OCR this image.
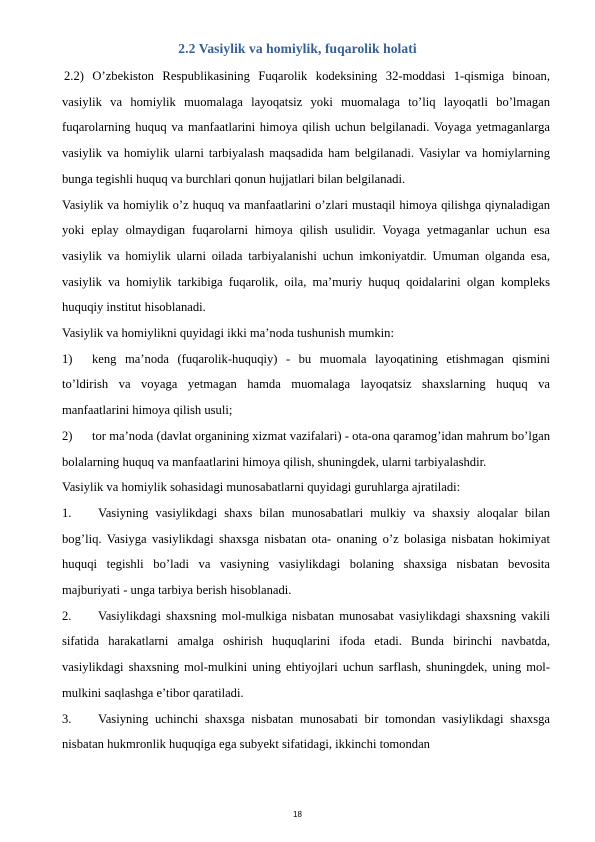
2.2 Vasiylik va homiylik, fuqarolik holati

2.2) O’zbekiston Respublikasining Fuqarolik kodeksining 32-moddasi 1-qismiga binoan, vasiylik va homiylik muomalaga layoqatsiz yoki muomalaga to’liq layoqatli bo’lmagan fuqarolarning huquq va manfaatlarini himoya qilish uchun belgilanadi. Voyaga yetmaganlarga vasiylik va homiylik ularni tarbiyalash maqsadida ham belgilanadi. Vasiylar va homiylarning bunga tegishli huquq va burchlari qonun hujjatlari bilan belgilanadi.

Vasiylik va homiylik o’z huquq va manfaatlarini o’zlari mustaqil himoya qilishga qiynaladigan yoki eplay olmaydigan fuqarolarni himoya qilish usulidir. Voyaga yetmaganlar uchun esa vasiylik va homiylik ularni oilada tarbiyalanishi uchun imkoniyatdir. Umuman olganda esa, vasiylik va homiylik tarkibiga fuqarolik, oila, ma’muriy huquq qoidalarini olgan kompleks huquqiy institut hisoblanadi.

Vasiylik va homiylikni quyidagi ikki ma’noda tushunish mumkin:

1) keng ma’noda (fuqarolik-huquqiy) - bu muomala layoqatining etishmagan qismini to’ldirish va voyaga yetmagan hamda muomalaga layoqatsiz shaxslarning huquq va manfaatlarini himoya qilish usuli;

2) tor ma’noda (davlat organining xizmat vazifalari) - ota-ona qaramog’idan mahrum bo’lgan bolalarning huquq va manfaatlarini himoya qilish, shuningdek, ularni tarbiyalashdir.

Vasiylik va homiylik sohasidagi munosabatlarni quyidagi guruhlarga ajratiladi:

1. Vasiyning vasiylikdagi shaxs bilan munosabatlari mulkiy va shaxsiy aloqalar bilan bog’liq. Vasiyga vasiylikdagi shaxsga nisbatan ota- onaning o’z bolasiga nisbatan hokimiyat huquqi tegishli bo’ladi va vasiyning vasiylikdagi bolaning shaxsiga nisbatan bevosita majburiyati - unga tarbiya berish hisoblanadi.

2. Vasiylikdagi shaxsning mol-mulkiga nisbatan munosabat vasiylikdagi shaxsning vakili sifatida harakatlarni amalga oshirish huquqlarini ifoda etadi. Bunda birinchi navbatda, vasiylikdagi shaxsning mol-mulkini uning ehtiyojlari uchun sarflash, shuningdek, uning mol- mulkini saqlashga e’tibor qaratiladi.

3. Vasiyning uchinchi shaxsga nisbatan munosabati bir tomondan vasiylikdagi shaxsga nisbatan hukmronlik huquqiga ega subyekt sifatidagi, ikkinchi tomondan

18
